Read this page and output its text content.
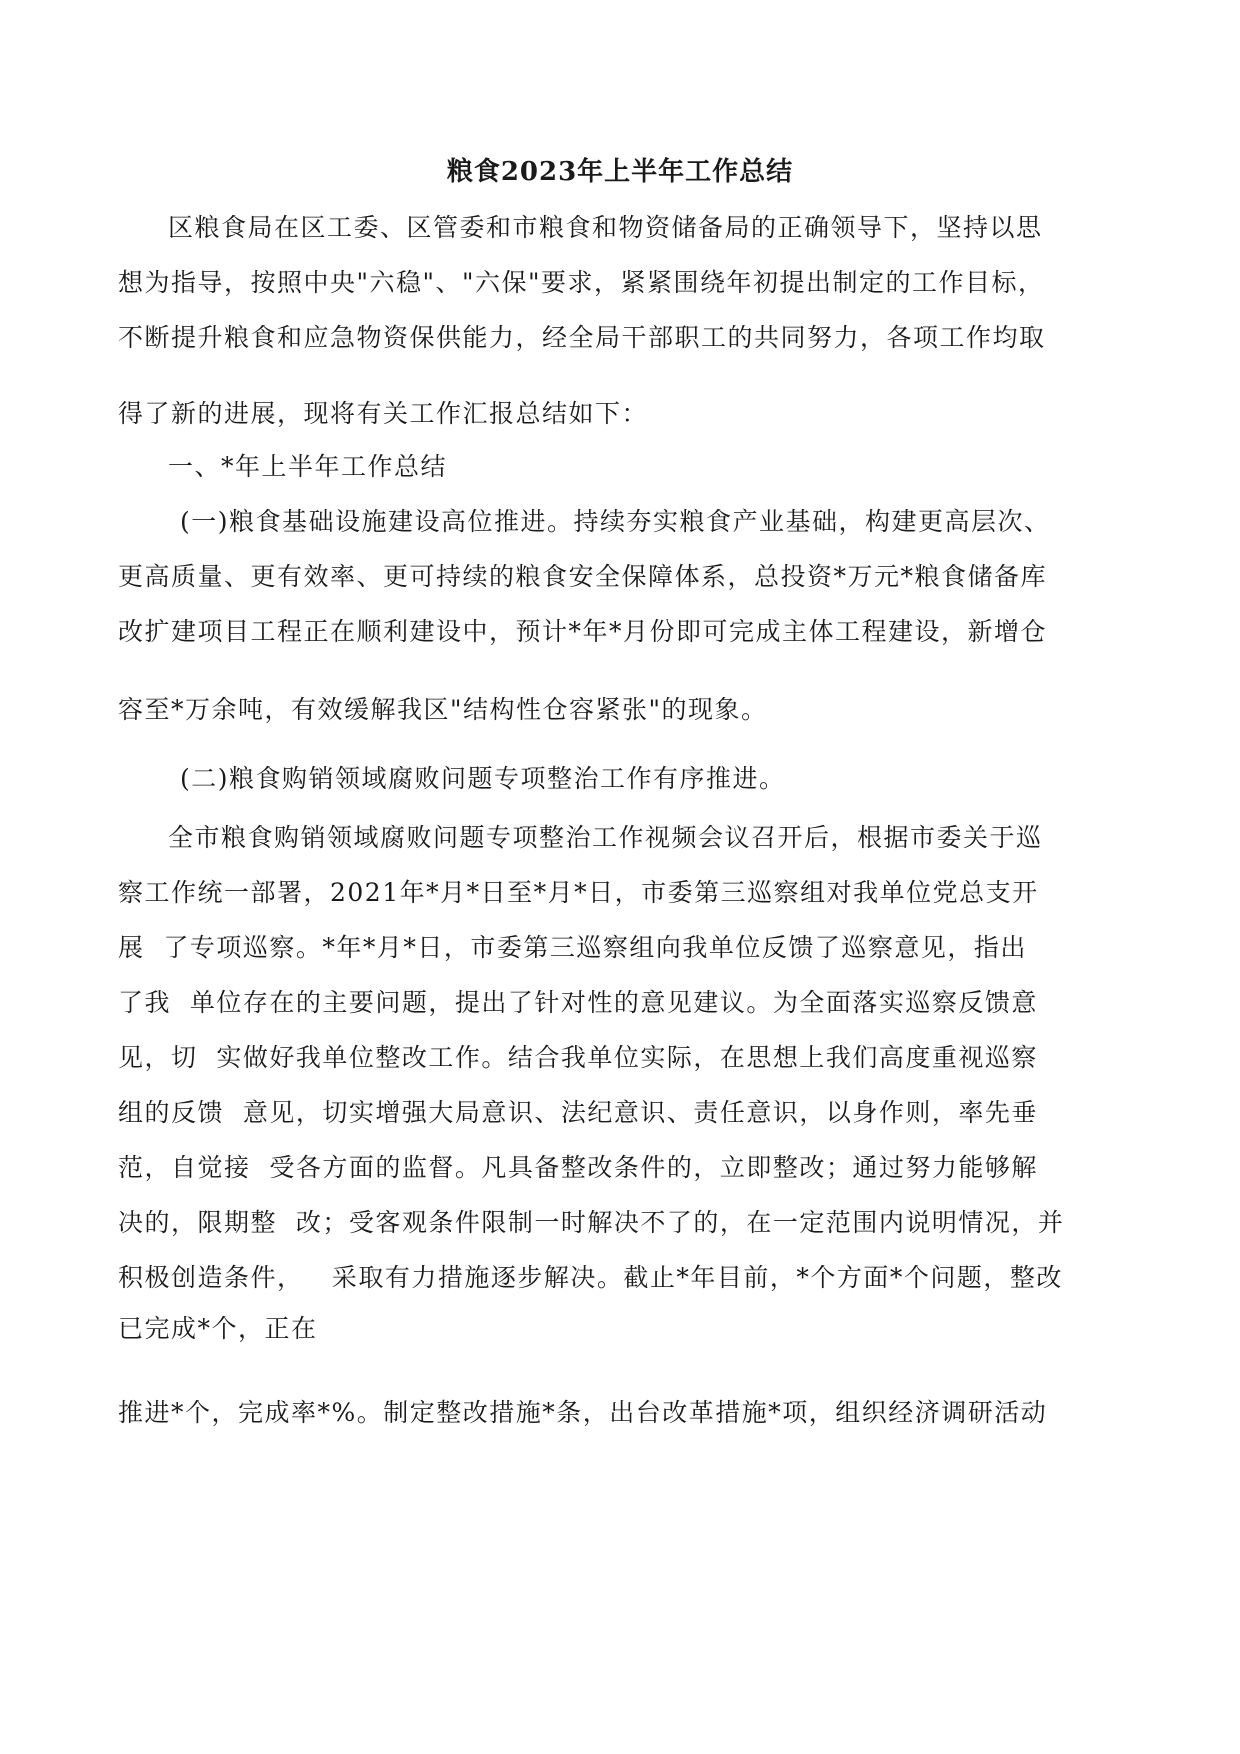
粮食2023年上半年工作总结
区粮食局在区工委、区管委和市粮食和物资储备局的正确领导下，坚持以思
想为指导，按照中央"六稳"、"六保"要求，紧紧围绕年初提出制定的工作目标，
不断提升粮食和应急物资保供能力，经全局干部职工的共同努力，各项工作均取
得了新的进展，现将有关工作汇报总结如下：
一、*年上半年工作总结
(一)粮食基础设施建设高位推进。持续夯实粮食产业基础，构建更高层次、
更高质量、更有效率、更可持续的粮食安全保障体系，总投资*万元*粮食储备库
改扩建项目工程正在顺利建设中，预计*年*月份即可完成主体工程建设，新增仓
容至*万余吨，有效缓解我区"结构性仓容紧张"的现象。
(二)粮食购销领域腐败问题专项整治工作有序推进。
全市粮食购销领域腐败问题专项整治工作视频会议召开后，根据市委关于巡
察工作统一部署，2021年*月*日至*月*日，市委第三巡察组对我单位党总支开
展  了专项巡察。*年*月*日，市委第三巡察组向我单位反馈了巡察意见，指出
了我  单位存在的主要问题，提出了针对性的意见建议。为全面落实巡察反馈意
见，切  实做好我单位整改工作。结合我单位实际，在思想上我们高度重视巡察
组的反馈  意见，切实增强大局意识、法纪意识、责任意识，以身作则，率先垂
范，自觉接  受各方面的监督。凡具备整改条件的，立即整改；通过努力能够解
决的，限期整  改；受客观条件限制一时解决不了的，在一定范围内说明情况，并
积极创造条件，   采取有力措施逐步解决。截止*年目前，*个方面*个问题，整改
已完成*个，正在
推进*个，完成率*%。制定整改措施*条，出台改革措施*项，组织经济调研活动
